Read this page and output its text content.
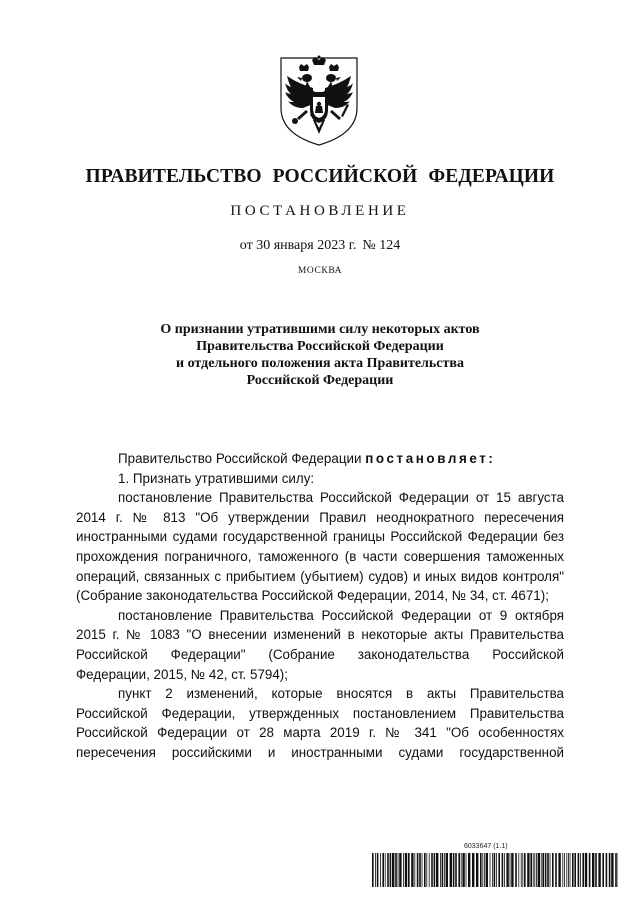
ПРАВИТЕЛЬСТВО РОССИЙСКОЙ ФЕДЕРАЦИИ
ПОСТАНОВЛЕНИЕ
от 30 января 2023 г. № 124
МОСКВА
О признании утратившими силу некоторых актов
Правительства Российской Федерации
и отдельного положения акта Правительства
Российской Федерации

Правительство Российской Федерации постановляет:

1. Признать утратившими силу:

постановление Правительства Российской Федерации от 15 августа 2014 г. № 813 "Об утверждении Правил неоднократного пересечения иностранными судами государственной границы Российской Федерации без прохождения пограничного, таможенного (в части совершения таможенных операций, связанных с прибытием (убытием) судов) и иных видов контроля" (Собрание законодательства Российской Федерации, 2014, № 34, ст. 4671);

постановление Правительства Российской Федерации от 9 октября 2015 г. № 1083 "О внесении изменений в некоторые акты Правительства Российской Федерации" (Собрание законодательства Российской Федерации, 2015, № 42, ст. 5794);

пункт 2 изменений, которые вносятся в акты Правительства Российской Федерации, утвержденных постановлением Правительства Российской Федерации от 28 марта 2019 г. № 341 "Об особенностях пересечения российскими и иностранными судами государственной

6033647 (1.1)
